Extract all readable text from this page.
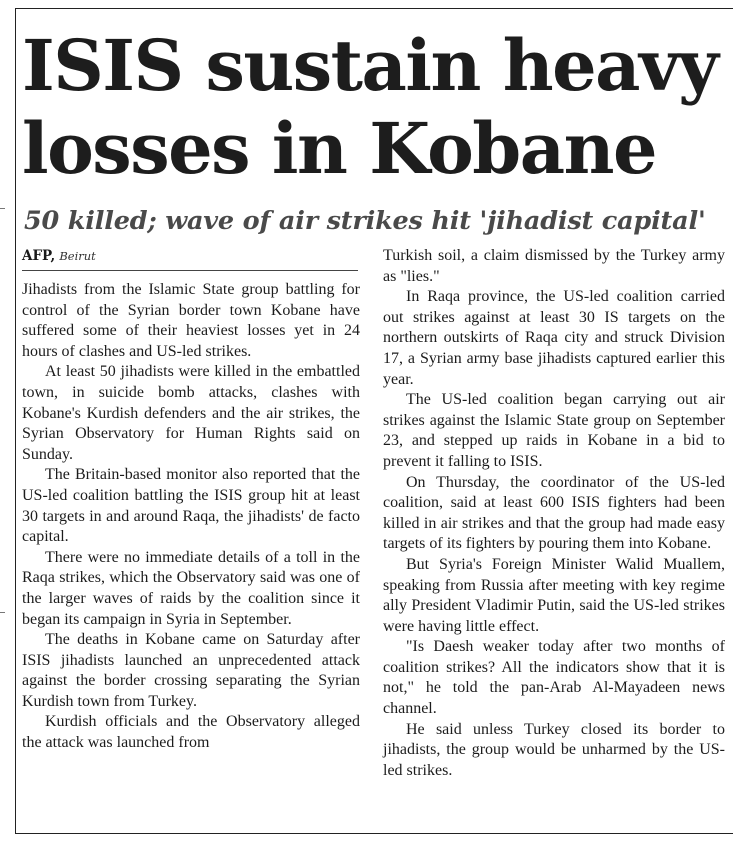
ISIS sustain heavy losses in Kobane
50 killed; wave of air strikes hit 'jihadist capital'
AFP, Beirut

Jihadists from the Islamic State group battling for control of the Syrian border town Kobane have suffered some of their heaviest losses yet in 24 hours of clashes and US-led strikes.

At least 50 jihadists were killed in the embattled town, in suicide bomb attacks, clashes with Kobane's Kurdish defenders and the air strikes, the Syrian Observatory for Human Rights said on Sunday.

The Britain-based monitor also reported that the US-led coalition battling the ISIS group hit at least 30 targets in and around Raqa, the jihadists' de facto capital.

There were no immediate details of a toll in the Raqa strikes, which the Observatory said was one of the larger waves of raids by the coalition since it began its campaign in Syria in September.

The deaths in Kobane came on Saturday after ISIS jihadists launched an unprecedented attack against the border crossing separating the Syrian Kurdish town from Turkey.

Kurdish officials and the Observatory alleged the attack was launched from

Turkish soil, a claim dismissed by the Turkey army as "lies."

In Raqa province, the US-led coalition carried out strikes against at least 30 IS targets on the northern outskirts of Raqa city and struck Division 17, a Syrian army base jihadists captured earlier this year.

The US-led coalition began carrying out air strikes against the Islamic State group on September 23, and stepped up raids in Kobane in a bid to prevent it falling to ISIS.

On Thursday, the coordinator of the US-led coalition, said at least 600 ISIS fighters had been killed in air strikes and that the group had made easy targets of its fighters by pouring them into Kobane.

But Syria's Foreign Minister Walid Muallem, speaking from Russia after meeting with key regime ally President Vladimir Putin, said the US-led strikes were having little effect.

"Is Daesh weaker today after two months of coalition strikes? All the indicators show that it is not," he told the pan-Arab Al-Mayadeen news channel.

He said unless Turkey closed its border to jihadists, the group would be unharmed by the US-led strikes.
